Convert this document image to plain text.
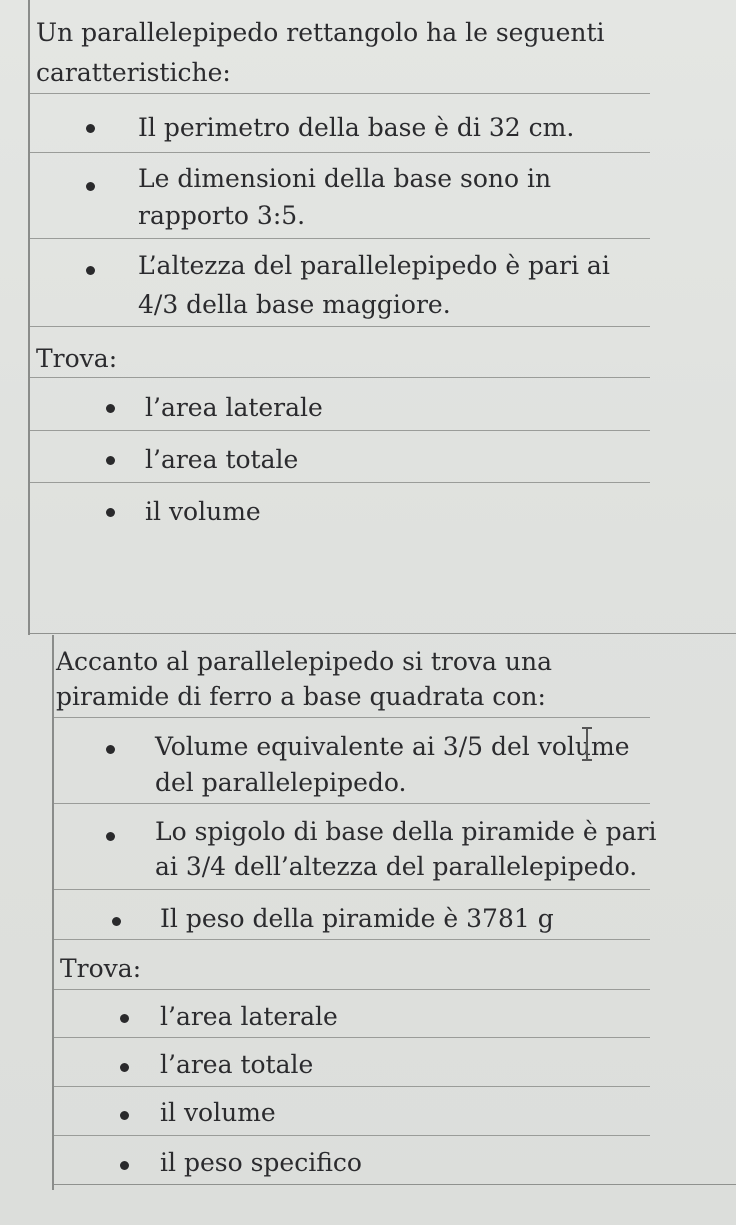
Un parallelepipedo rettangolo ha le seguenti
caratteristiche:
Il perimetro della base è di 32 cm.
Le dimensioni della base sono in
rapporto 3:5.
L’altezza del parallelepipedo è pari ai
4/3 della base maggiore.
Trova:
l’area laterale
l’area totale
il volume
Accanto al parallelepipedo si trova una
piramide di ferro a base quadrata con:
Volume equivalente ai 3/5 del volume
del parallelepipedo.
Lo spigolo di base della piramide è pari
ai 3/4 dell’altezza del parallelepipedo.
Il peso della piramide è 3781 g
Trova:
l’area laterale
l’area totale
il volume
il peso specifico
